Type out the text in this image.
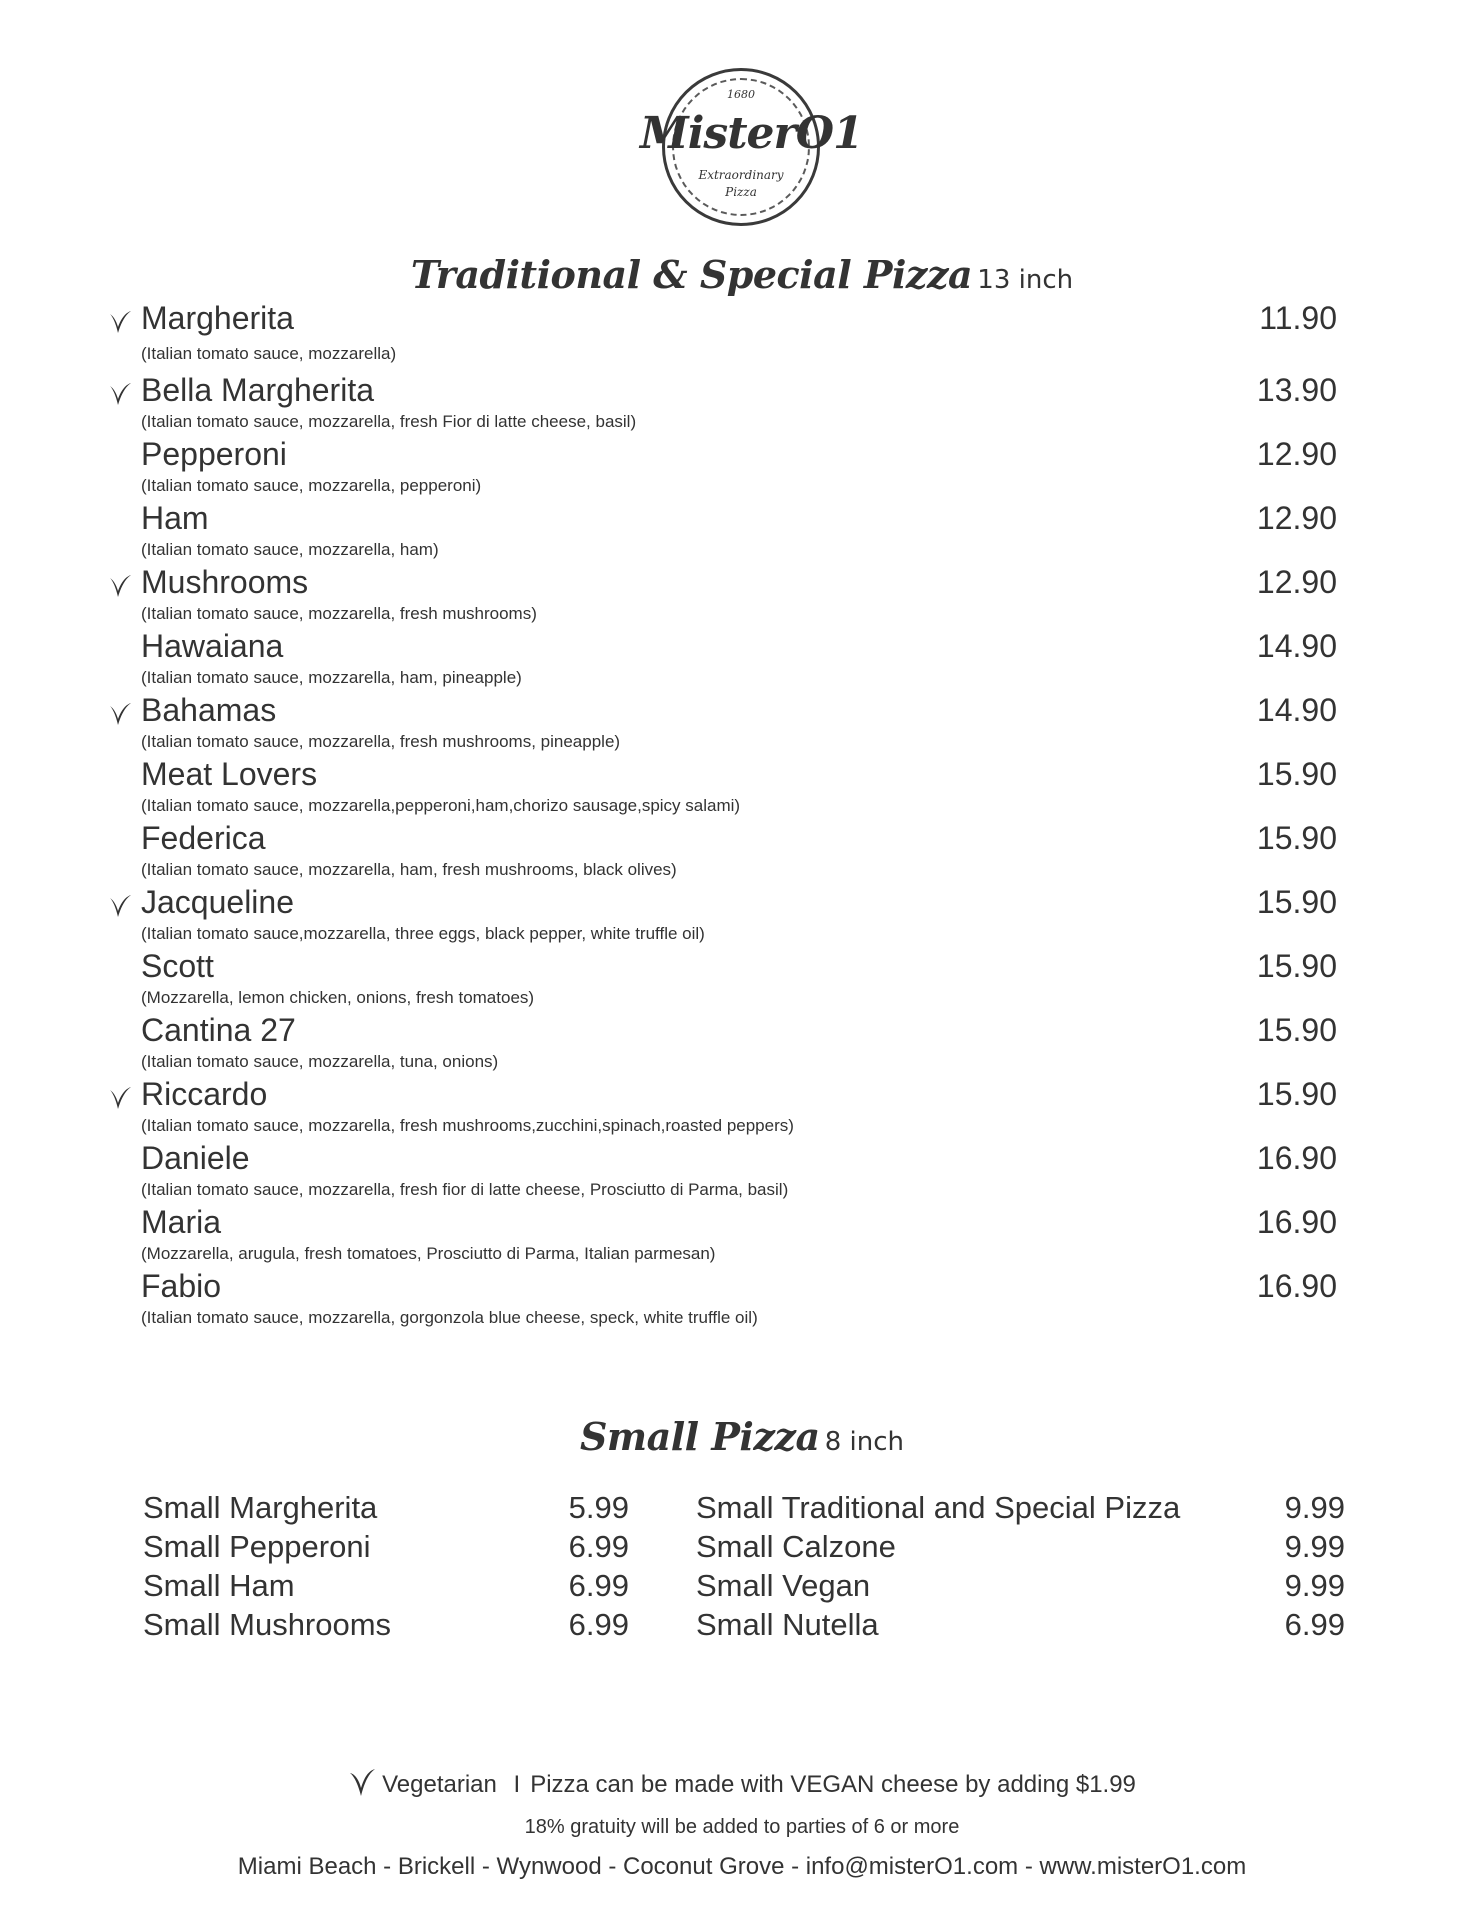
1680
MisterO1
Extraordinary
Pizza
Traditional & Special Pizza 13 inch
Margherita
(Italian tomato sauce, mozzarella)
11.90
Bella Margherita
(Italian tomato sauce, mozzarella, fresh Fior di latte cheese, basil)
13.90
Pepperoni
(Italian tomato sauce, mozzarella, pepperoni)
12.90
Ham
(Italian tomato sauce, mozzarella, ham)
12.90
Mushrooms
(Italian tomato sauce, mozzarella, fresh mushrooms)
12.90
Hawaiana
(Italian tomato sauce, mozzarella, ham, pineapple)
14.90
Bahamas
(Italian tomato sauce, mozzarella, fresh mushrooms, pineapple)
14.90
Meat Lovers
(Italian tomato sauce, mozzarella,pepperoni,ham,chorizo sausage,spicy salami)
15.90
Federica
(Italian tomato sauce, mozzarella, ham, fresh mushrooms, black olives)
15.90
Jacqueline
(Italian tomato sauce,mozzarella, three eggs, black pepper, white truffle oil)
15.90
Scott
(Mozzarella, lemon chicken, onions, fresh tomatoes)
15.90
Cantina 27
(Italian tomato sauce, mozzarella, tuna, onions)
15.90
Riccardo
(Italian tomato sauce, mozzarella, fresh mushrooms,zucchini,spinach,roasted peppers)
15.90
Daniele
(Italian tomato sauce, mozzarella, fresh fior di latte cheese, Prosciutto di Parma, basil)
16.90
Maria
(Mozzarella, arugula, fresh tomatoes, Prosciutto di Parma, Italian parmesan)
16.90
Fabio
(Italian tomato sauce, mozzarella, gorgonzola blue cheese, speck, white truffle oil)
16.90
Small Pizza 8 inch
Small Margherita	5.99
Small Pepperoni	6.99
Small Ham	6.99
Small Mushrooms	6.99
Small Traditional and Special Pizza	9.99
Small Calzone	9.99
Small Vegan	9.99
Small Nutella	6.99
Vegetarian I Pizza can be made with VEGAN cheese by adding $1.99
18% gratuity will be added to parties of 6 or more
Miami Beach - Brickell - Wynwood - Coconut Grove - info@misterO1.com - www.misterO1.com
